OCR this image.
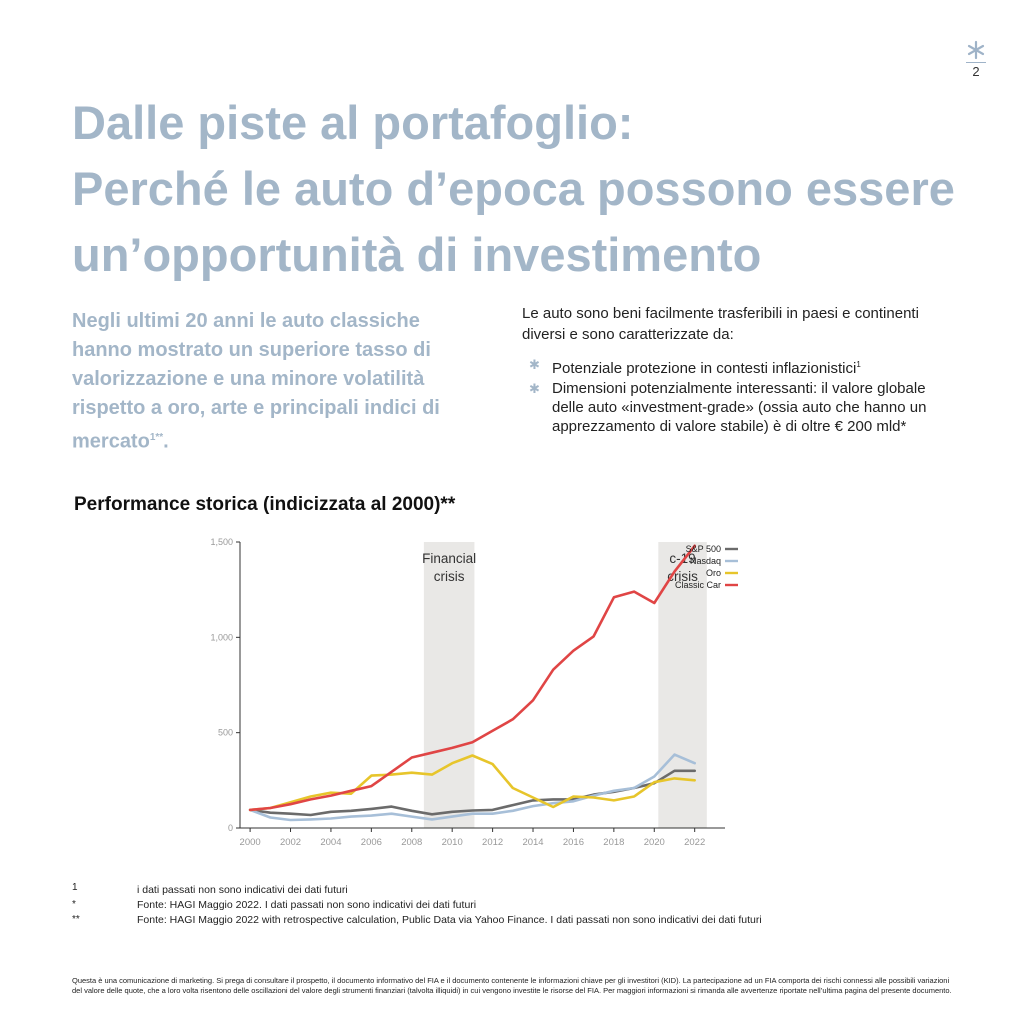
2
Dalle piste al portafoglio:
Perché le auto d’epoca possono essere
un’opportunità di investimento

Negli ultimi 20 anni le auto classiche hanno mostrato un superiore tasso di valorizzazione e una minore volatilità rispetto a oro, arte e principali indici di mercato$^{1**}$.

Le auto sono beni facilmente trasferibili in paesi e continenti diversi e sono caratterizzate da:

✱ Potenziale protezione in contesti inflazionistici$^1$
✱ Dimensioni potenzialmente interessanti: il valore globale delle auto «investment-grade» (ossia auto che hanno un apprezzamento di valore stabile) è di oltre € 200 mld*
Performance storica (indicizzata al 2000)**
Financial
crisis
c-19
crisis
0
500
1,000
1,500
2000 2002 2004 2006 2008 2010 2012 2014 2016 2018 2020 2022
S&P 500
Nasdaq
Oro
Classic Car
1	i dati passati non sono indicativi dei dati futuri
*	Fonte: HAGI Maggio 2022. I dati passati non sono indicativi dei dati futuri
**	Fonte: HAGI Maggio 2022 with retrospective calculation, Public Data via Yahoo Finance. I dati passati non sono indicativi dei dati futuri

Questa è una comunicazione di marketing. Si prega di consultare il prospetto, il documento informativo del FIA e il documento contenente le informazioni chiave per gli investitori (KID). La partecipazione ad un FIA comporta dei rischi connessi alle possibili variazioni del valore delle quote, che a loro volta risentono delle oscillazioni del valore degli strumenti finanziari (talvolta illiquidi) in cui vengono investite le risorse del FIA. Per maggiori informazioni si rimanda alle avvertenze riportate nell’ultima pagina del presente documento.
